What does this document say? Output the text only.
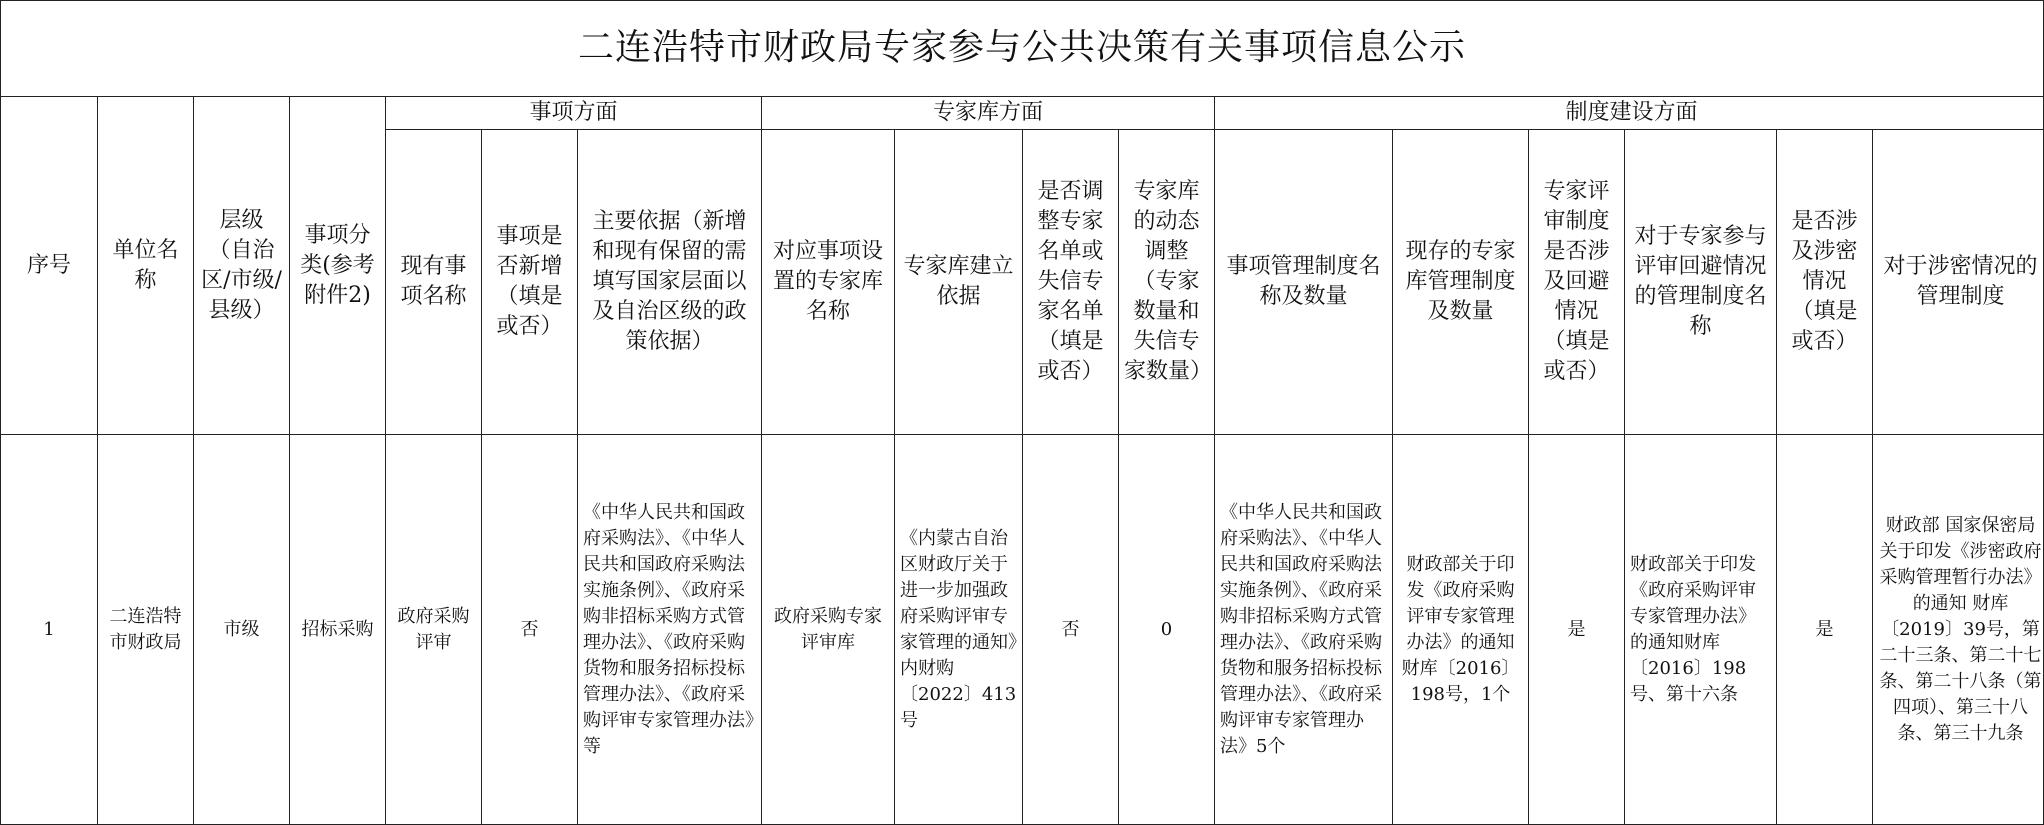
二连浩特市财政局专家参与公共决策有关事项信息公示
序号	单位名称	层级（自治区/市级/县级）	事项分类(参考附件2)	事项方面			专家库方面				制度建设方面					
				现有事项名称	事项是否新增（填是或否）	主要依据（新增和现有保留的需填写国家层面以及自治区级的政策依据）	对应事项设置的专家库名称	专家库建立依据	是否调整专家名单或失信专家名单（填是或否）	专家库的动态调整（专家数量和失信专家数量）	事项管理制度名称及数量	现存的专家库管理制度及数量	专家评审制度是否涉及回避情况（填是或否）	对于专家参与评审回避情况的管理制度名称	是否涉及涉密情况（填是或否）	对于涉密情况的管理制度
1	二连浩特市财政局	市级	招标采购	政府采购评审	否	《中华人民共和国政府采购法》、《中华人民共和国政府采购法实施条例》、《政府采购非招标采购方式管理办法》、《政府采购货物和服务招标投标管理办法》、《政府采购评审专家管理办法》等	政府采购专家评审库	《内蒙古自治区财政厅关于进一步加强政府采购评审专家管理的通知》内财购〔2022〕413号	否	0	《中华人民共和国政府采购法》、《中华人民共和国政府采购法实施条例》、《政府采购非招标采购方式管理办法》、《政府采购货物和服务招标投标管理办法》、《政府采购评审专家管理办法》5个	财政部关于印发《政府采购评审专家管理办法》的通知财库〔2016〕198号，1个	是	财政部关于印发《政府采购评审专家管理办法》的通知财库〔2016〕198号、第十六条	是	财政部 国家保密局关于印发《涉密政府采购管理暂行办法》的通知 财库〔2019〕39号，第二十三条、第二十七条、第二十八条（第四项）、第三十八条、第三十九条
